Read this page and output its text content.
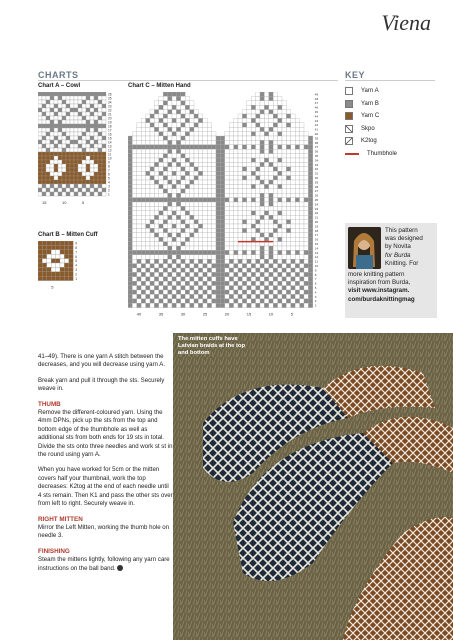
Viena
CHARTS	KEY
Chart A – Cowl	Chart C – Mitten Hand
Chart B – Mitten Cuff
26
25
24
23
22
21
20
19
18
17
16
15
14
13
12
11
10
9
8
7
6
5
4
3
2
1
15	10	5
9
8
7
6
5
4
3
2
1
5
49
48
47
46
45
44
43
42
41
40
39
38
37
36
35
34
33
32
31
30
29
28
27
26
25
24
23
22
21
20
19
18
17
16
15
14
13
12
11
10
9
8
7
6
5
4
3
2
1
40	35	30	25	20	15	10	5
Yarn A
Yarn B
Yarn C
Skpo
K2tog
Thumbhole
This pattern
was designed
by Novita
for Burda
Knitting. For
more knitting pattern
inspiration from Burda,
visit www.instagram.
com/burdaknittingmag

41–49). There is one yarn A stitch between the decreases, and you will decrease using yarn A.

Break yarn and pull it through the sts. Securely weave in.

THUMB

Remove the different-coloured yarn. Using the 4mm DPNs, pick up the sts from the top and bottom edge of the thumbhole as well as additional sts from both ends for 19 sts in total. Divide the sts onto three needles and work st st in the round using yarn A.

When you have worked for 5cm or the mitten covers half your thumbnail, work the top decreases: K2tog at the end of each needle until 4 sts remain. Then K1 and pass the other sts over from left to right. Securely weave in.

RIGHT MITTEN

Mirror the Left Mitten, working the thumb hole on needle 3.

FINISHING

Steam the mittens lightly, following any yarn care instructions on the ball band.

The mitten cuffs have Latvian braids at the top and bottom
